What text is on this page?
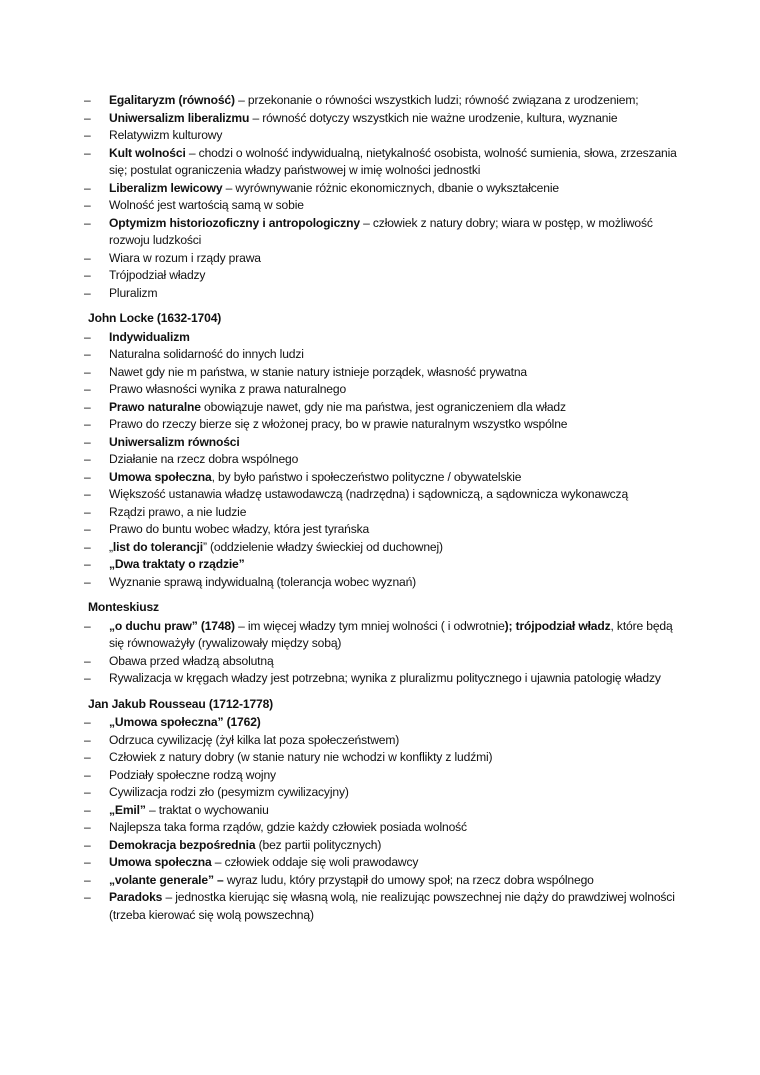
– Egalitaryzm (równość) – przekonanie o równości wszystkich ludzi; równość związana z urodzeniem;
– Uniwersalizm liberalizmu – równość dotyczy wszystkich nie ważne urodzenie, kultura, wyznanie
– Relatywizm kulturowy
– Kult wolności – chodzi o wolność indywidualną, nietykalność osobista, wolność sumienia, słowa, zrzeszania się; postulat ograniczenia władzy państwowej w imię wolności jednostki
– Liberalizm lewicowy – wyrównywanie różnic ekonomicznych, dbanie o wykształcenie
– Wolność jest wartością samą w sobie
– Optymizm historiozoficzny i antropologiczny – człowiek z natury dobry; wiara w postęp, w możliwość rozwoju ludzkości
– Wiara w rozum i rządy prawa
– Trójpodział władzy
– Pluralizm
John Locke (1632-1704)
– Indywidualizm
– Naturalna solidarność do innych ludzi
– Nawet gdy nie m państwa, w stanie natury istnieje porządek, własność prywatna
– Prawo własności wynika z prawa naturalnego
– Prawo naturalne obowiązuje nawet, gdy nie ma państwa, jest ograniczeniem dla władz
– Prawo do rzeczy bierze się z włożonej pracy, bo w prawie naturalnym wszystko wspólne
– Uniwersalizm równości
– Działanie na rzecz dobra wspólnego
– Umowa społeczna, by było państwo i społeczeństwo polityczne / obywatelskie
– Większość ustanawia władzę ustawodawczą (nadrzędna) i sądowniczą, a sądownicza wykonawczą
– Rządzi prawo, a nie ludzie
– Prawo do buntu wobec władzy, która jest tyrańska
– „list do tolerancji” (oddzielenie władzy świeckiej od duchownej)
– „Dwa traktaty o rządzie”
– Wyznanie sprawą indywidualną (tolerancja wobec wyznań)
Monteskiusz
– „o duchu praw” (1748) – im więcej władzy tym mniej wolności ( i odwrotnie); trójpodział władz, które będą się równoważyły (rywalizowały między sobą)
– Obawa przed władzą absolutną
– Rywalizacja w kręgach władzy jest potrzebna; wynika z pluralizmu politycznego i ujawnia patologię władzy
Jan Jakub Rousseau (1712-1778)
– „Umowa społeczna” (1762)
– Odrzuca cywilizację (żył kilka lat poza społeczeństwem)
– Człowiek z natury dobry (w stanie natury nie wchodzi w konflikty z ludźmi)
– Podziały społeczne rodzą wojny
– Cywilizacja rodzi zło (pesymizm cywilizacyjny)
– „Emil” – traktat o wychowaniu
– Najlepsza taka forma rządów, gdzie każdy człowiek posiada wolność
– Demokracja bezpośrednia (bez partii politycznych)
– Umowa społeczna – człowiek oddaje się woli prawodawcy
– „volante generale” – wyraz ludu, który przystąpił do umowy społ; na rzecz dobra wspólnego
– Paradoks – jednostka kierując się własną wolą, nie realizując powszechnej nie dąży do prawdziwej wolności (trzeba kierować się wolą powszechną)
